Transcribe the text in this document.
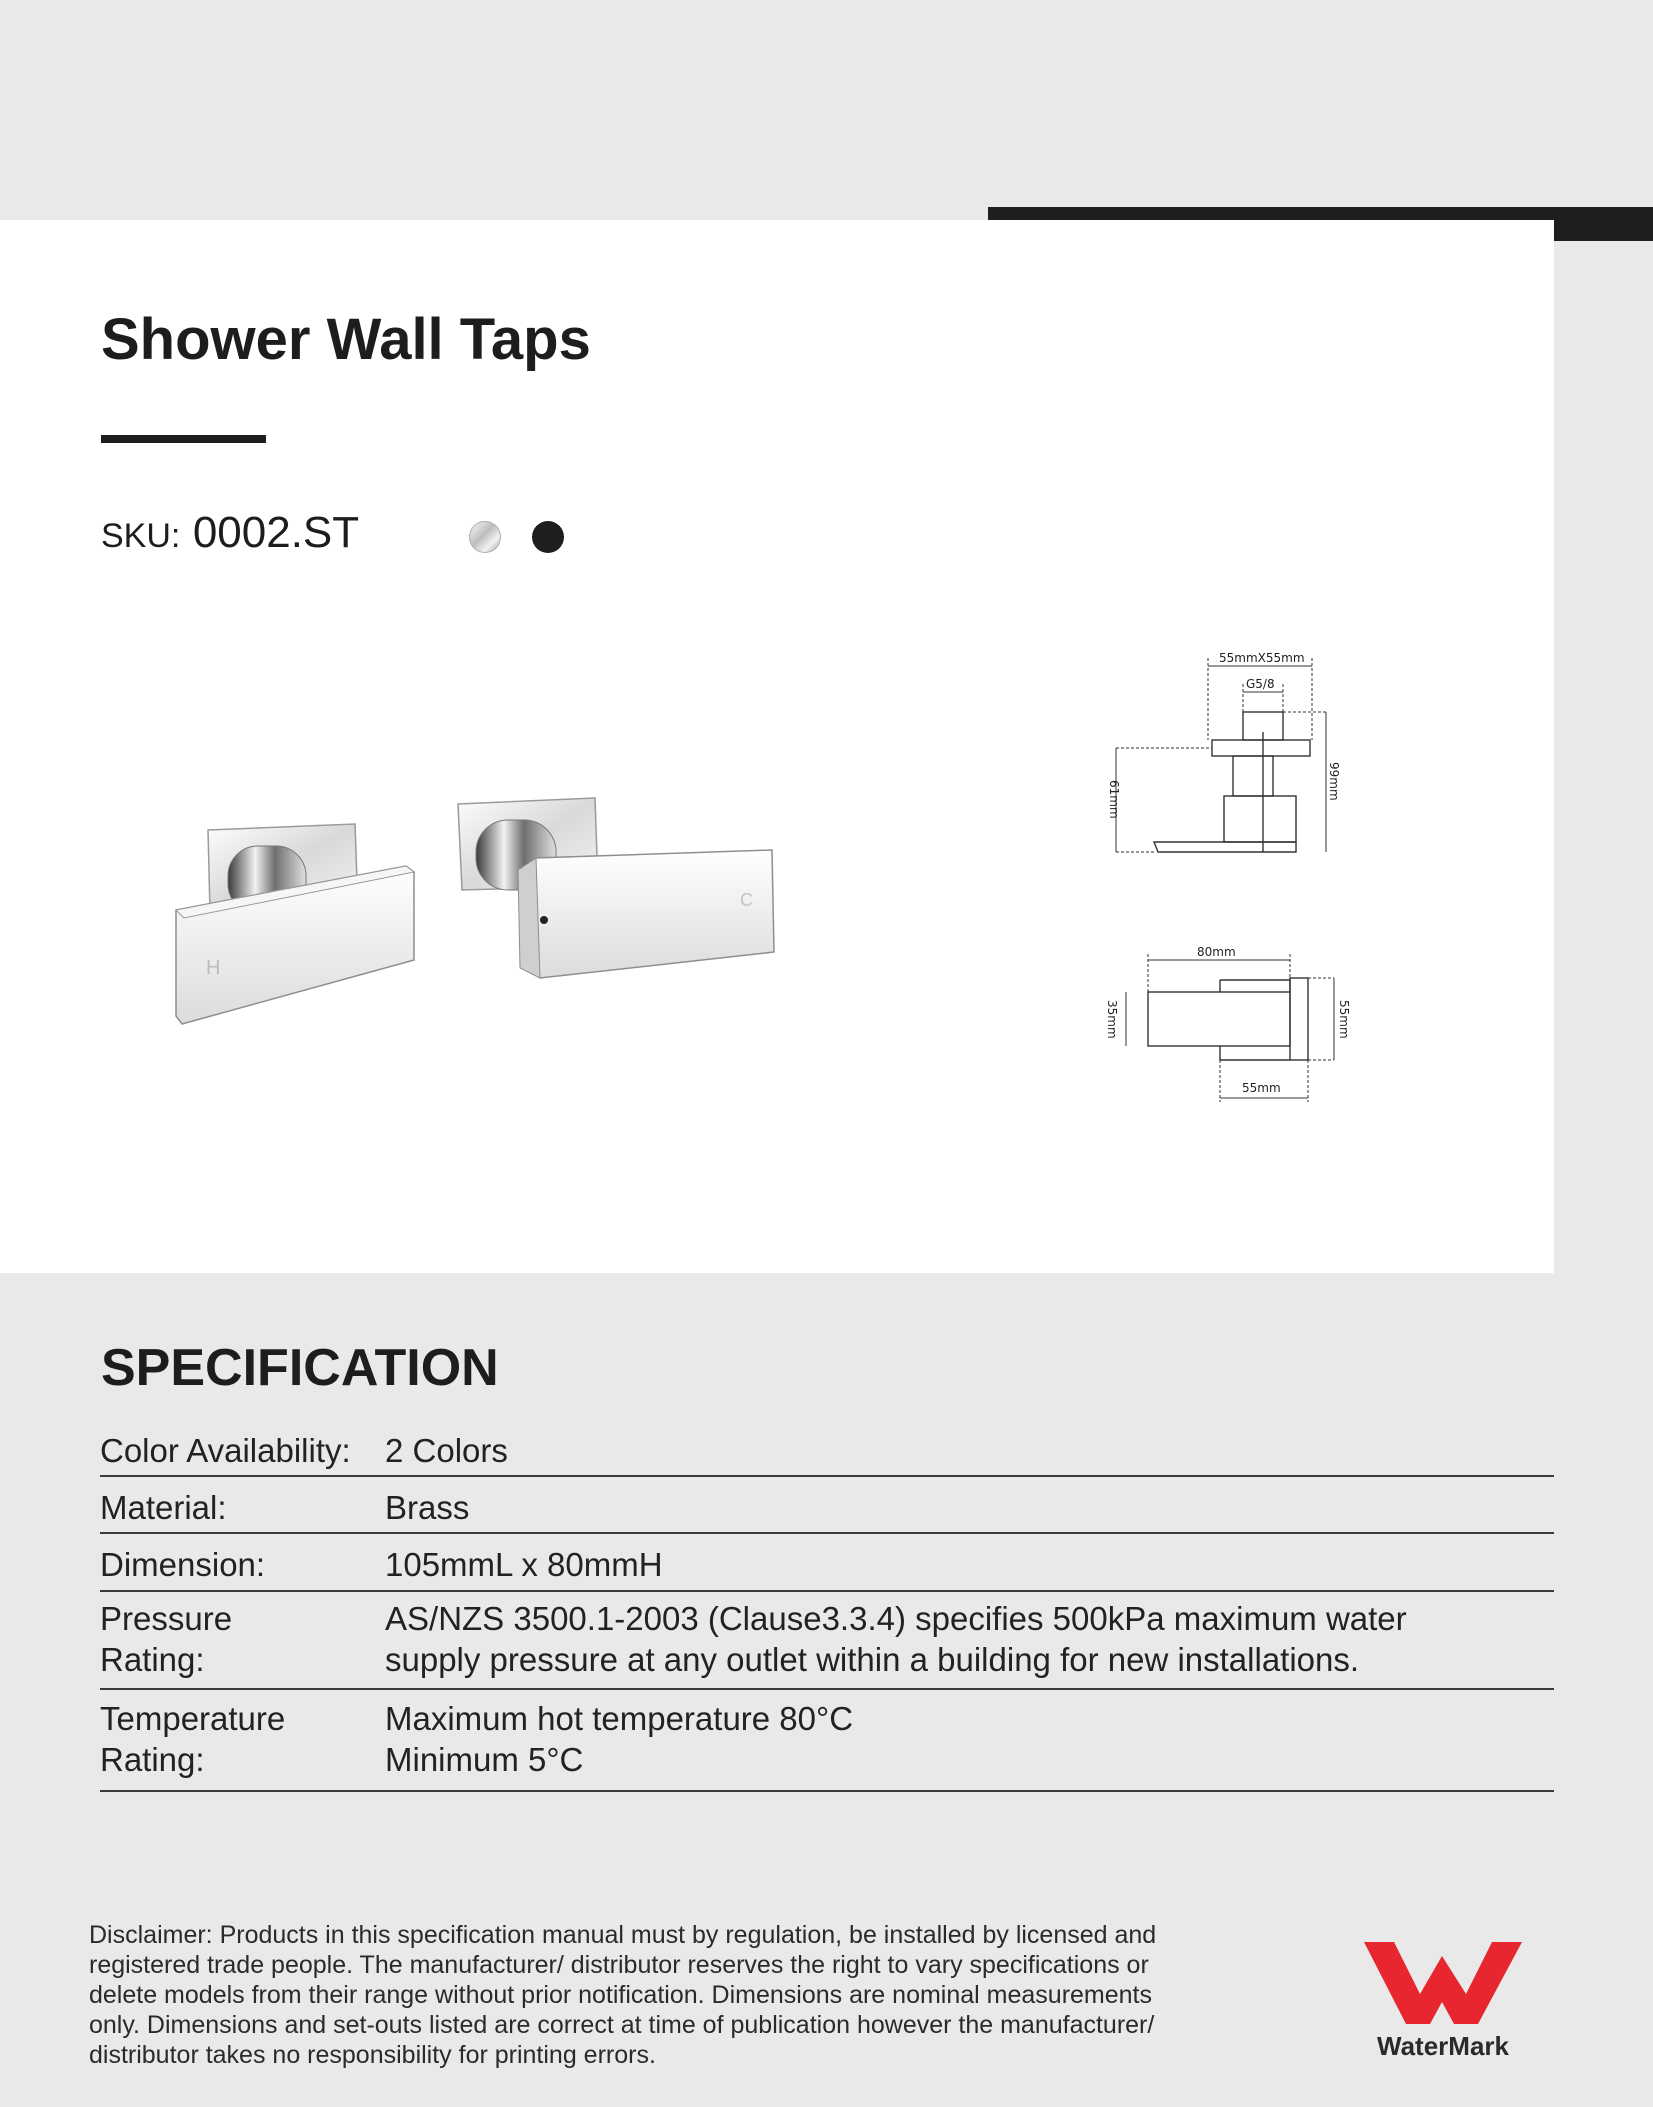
Shower Wall Taps
SKU: 0002.ST
H
C
55mmX55mm
G5/8
61mm	99mm
80mm
35mm	55mm
55mm
SPECIFICATION
Color Availability:	2 Colors
Material:	Brass
Dimension:	105mmL x 80mmH
Pressure Rating:
AS/NZS 3500.1-2003 (Clause3.3.4) specifies 500kPa maximum water supply pressure at any outlet within a building for new installations.
Temperature Rating:
Maximum hot temperature 80°C
Minimum 5°C
Disclaimer: Products in this specification manual must by regulation, be installed by licensed and registered trade people. The manufacturer/ distributor reserves the right to vary specifications or delete models from their range without prior notification. Dimensions are nominal measurements only. Dimensions and set-outs listed are correct at time of publication however the manufacturer/ distributor takes no responsibility for printing errors.	WaterMark
